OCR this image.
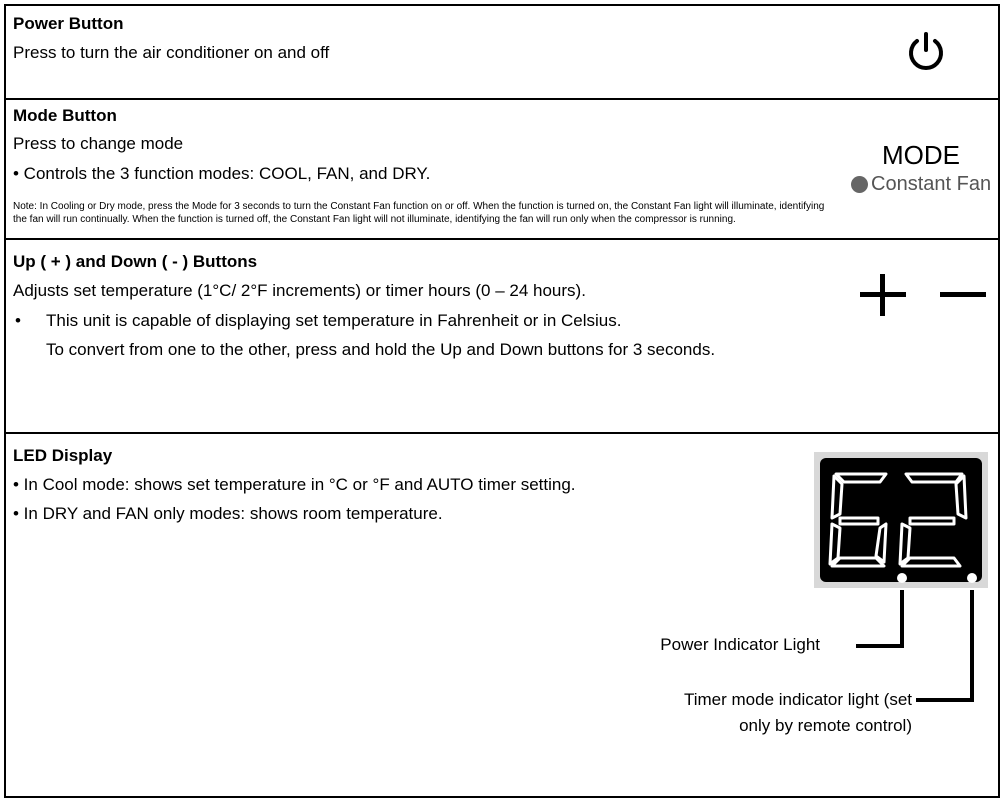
Power Button
Press to turn the air conditioner on and off
Mode Button
Press to change mode
• Controls the 3 function modes: COOL, FAN, and DRY.
Note: In Cooling or Dry mode, press the Mode for 3 seconds to turn the Constant Fan function on or off. When the function is turned on, the Constant Fan light will illuminate, identifying
the fan will run continually. When the function is turned off, the Constant Fan light will not illuminate, identifying the fan will run only when the compressor is running.
MODE
Constant Fan
Up ( + ) and Down ( - ) Buttons
Adjusts set temperature (1°C/ 2°F increments) or timer hours (0 – 24 hours).
• This unit is capable of displaying set temperature in Fahrenheit or in Celsius.
To convert from one to the other, press and hold the Up and Down buttons for 3 seconds.
LED Display
• In Cool mode: shows set temperature in °C or °F and AUTO timer setting.
• In DRY and FAN only modes: shows room temperature.
Power Indicator Light
Timer mode indicator light (set
only by remote control)
